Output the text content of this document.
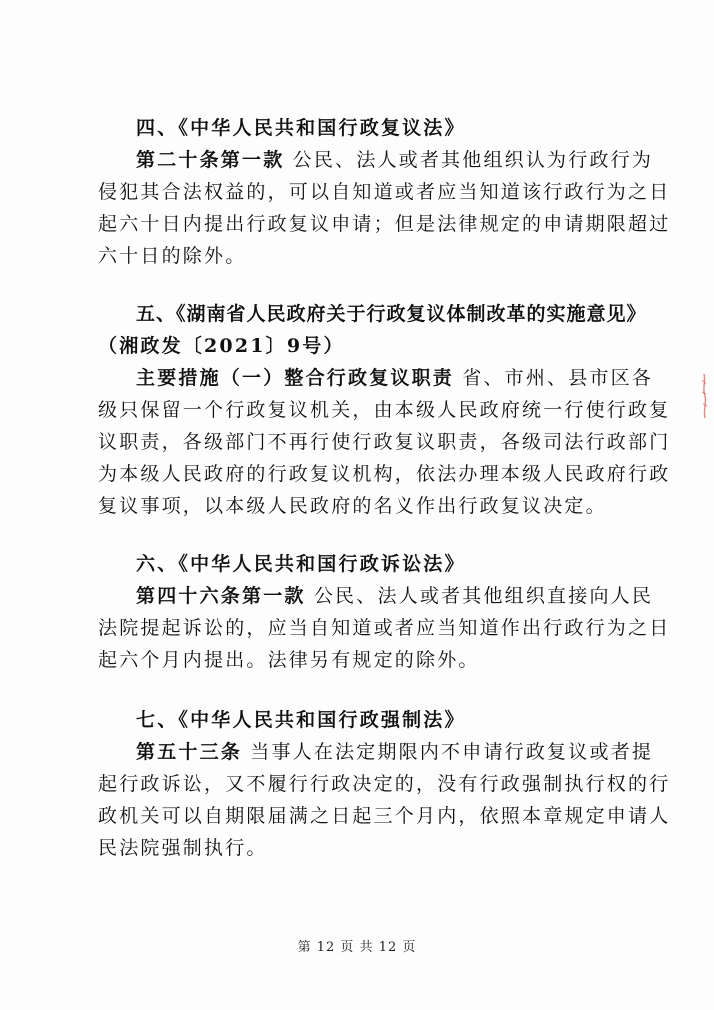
四、《中华人民共和国行政复议法》
第二十条第一款 公民、法人或者其他组织认为行政行为
侵犯其合法权益的，可以自知道或者应当知道该行政行为之日
起六十日内提出行政复议申请；但是法律规定的申请期限超过
六十日的除外。
五、《湖南省人民政府关于行政复议体制改革的实施意见》
（湘政发〔2021〕9号）
主要措施（一）整合行政复议职责 省、市州、县市区各
级只保留一个行政复议机关，由本级人民政府统一行使行政复
议职责，各级部门不再行使行政复议职责，各级司法行政部门
为本级人民政府的行政复议机构，依法办理本级人民政府行政
复议事项，以本级人民政府的名义作出行政复议决定。
六、《中华人民共和国行政诉讼法》
第四十六条第一款 公民、法人或者其他组织直接向人民
法院提起诉讼的，应当自知道或者应当知道作出行政行为之日
起六个月内提出。法律另有规定的除外。
七、《中华人民共和国行政强制法》
第五十三条 当事人在法定期限内不申请行政复议或者提
起行政诉讼，又不履行行政决定的，没有行政强制执行权的行
政机关可以自期限届满之日起三个月内，依照本章规定申请人
民法院强制执行。
第 12 页 共 12 页
